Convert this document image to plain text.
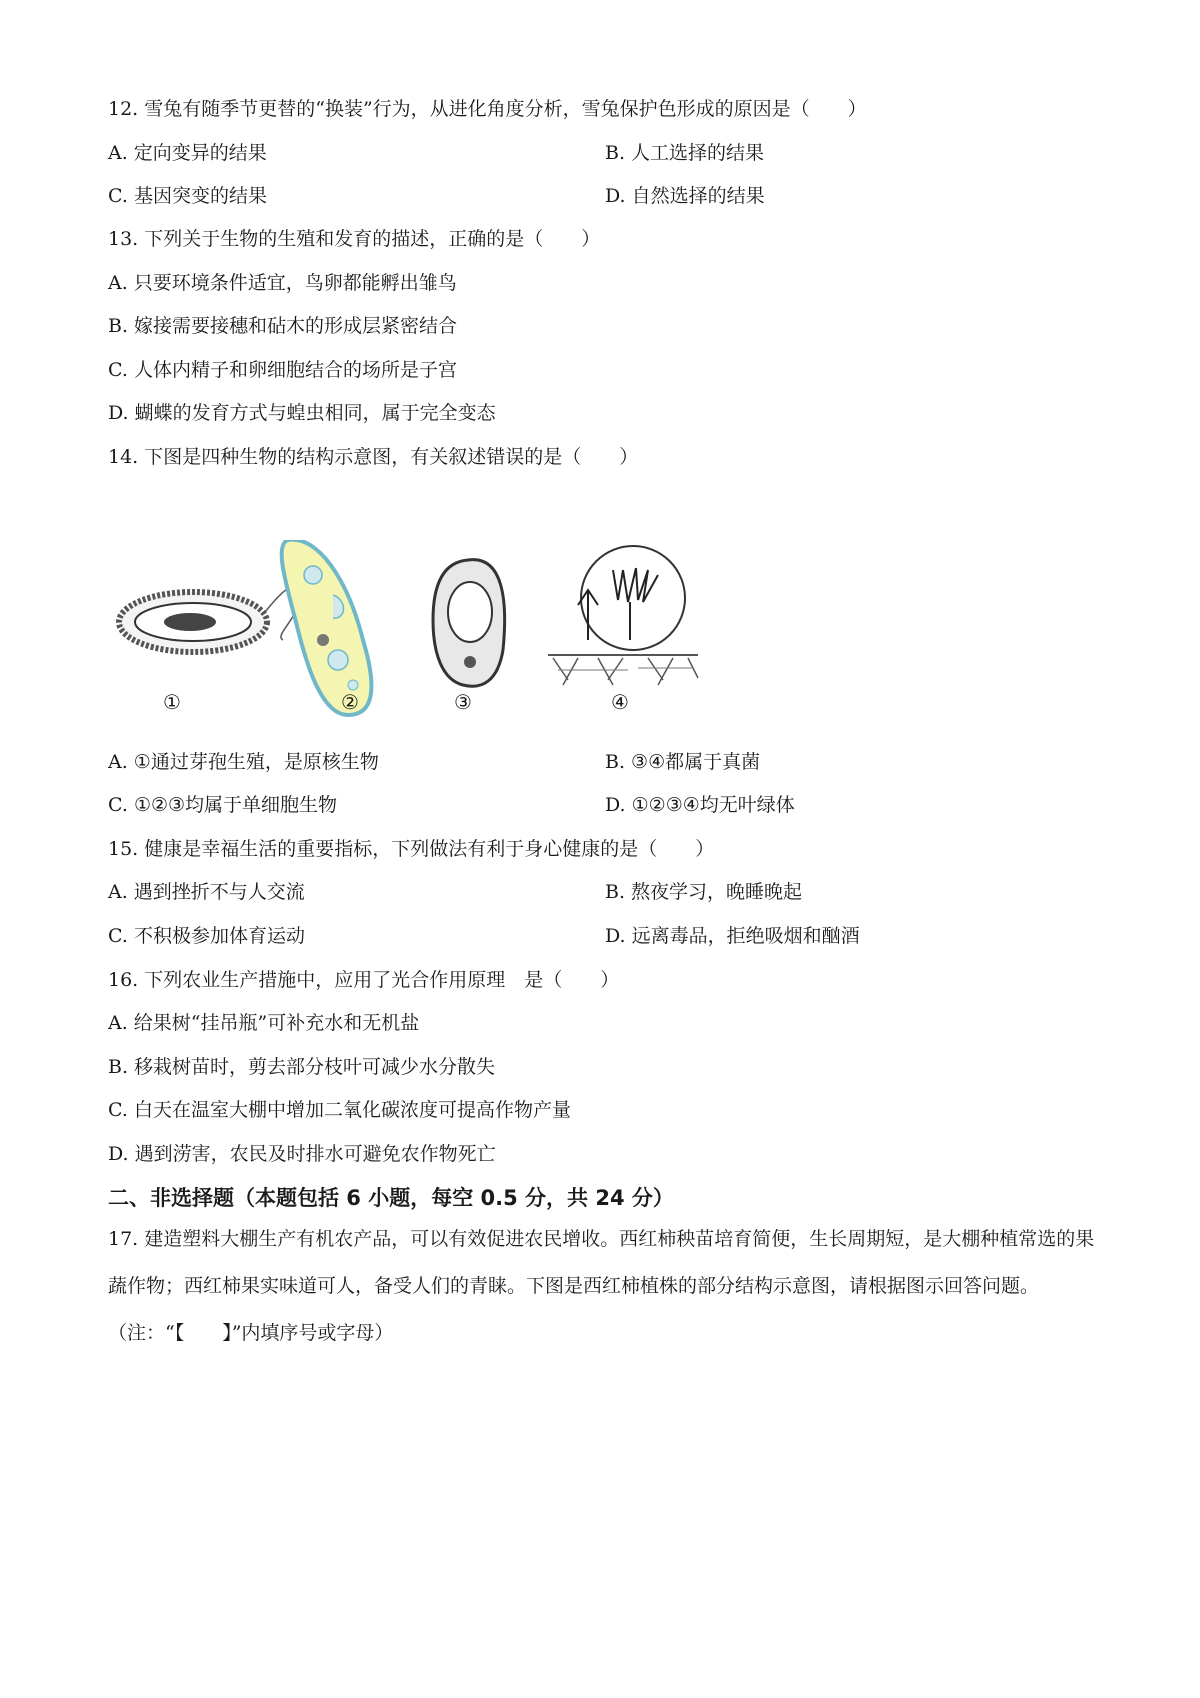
12. 雪兔有随季节更替的“换装”行为，从进化角度分析，雪兔保护色形成的原因是（　　）
A. 定向变异的结果	B. 人工选择的结果
C. 基因突变的结果	D. 自然选择的结果
13. 下列关于生物的生殖和发育的描述，正确的是（　　）
A. 只要环境条件适宜，鸟卵都能孵出雏鸟
B. 嫁接需要接穗和砧木的形成层紧密结合
C. 人体内精子和卵细胞结合的场所是子宫
D. 蝴蝶的发育方式与蝗虫相同，属于完全变态
14. 下图是四种生物的结构示意图，有关叙述错误的是（　　）
①	②	③	④
A. ①通过芽孢生殖，是原核生物	B. ③④都属于真菌
C. ①②③均属于单细胞生物	D. ①②③④均无叶绿体
15. 健康是幸福生活的重要指标，下列做法有利于身心健康的是（　　）
A. 遇到挫折不与人交流	B. 熬夜学习，晚睡晚起
C. 不积极参加体育运动	D. 远离毒品，拒绝吸烟和酗酒
16. 下列农业生产措施中，应用了光合作用原理　是（　　）
A. 给果树“挂吊瓶”可补充水和无机盐
B. 移栽树苗时，剪去部分枝叶可减少水分散失
C. 白天在温室大棚中增加二氧化碳浓度可提高作物产量
D. 遇到涝害，农民及时排水可避免农作物死亡
二、非选择题（本题包括 6 小题，每空 0.5 分，共 24 分）
17. 建造塑料大棚生产有机农产品，可以有效促进农民增收。西红柿秧苗培育简便，生长周期短，是大棚种植常选的果蔬作物；西红柿果实味道可人，备受人们的青睐。下图是西红柿植株的部分结构示意图，请根据图示回答问题。（注：“【　　】”内填序号或字母）
